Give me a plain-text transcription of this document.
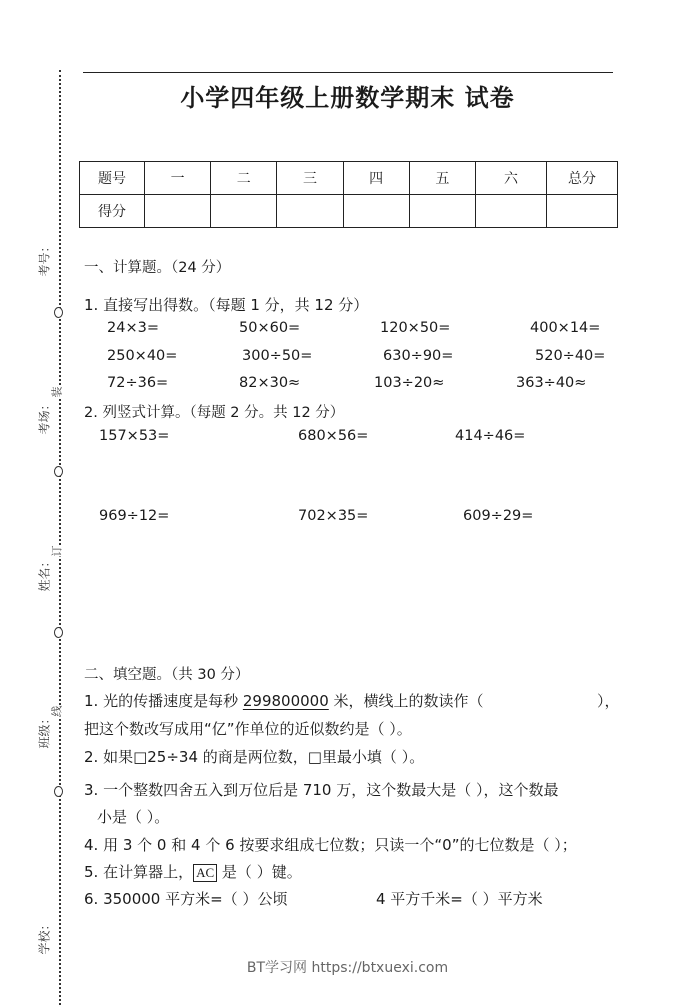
装
订
线
考号：
考场：
姓名：
班级：
学校：
小学四年级上册数学期末 试卷
题号	一	二	三	四	五	六	总分
得分							
一、计算题。（24 分）
1. 直接写出得数。（每题 1 分，共 12 分）
24×3=	50×60=	120×50=	400×14=
250×40=	300÷50=	630÷90=	520÷40=
72÷36=	82×30≈	103÷20≈	363÷40≈
2. 列竖式计算。（每题 2 分。共 12 分）
157×53=	680×56=	414÷46=
969÷12=	702×35=	609÷29=
二、填空题。（共 30 分）
1. 光的传播速度是每秒 299800000 米，横线上的数读作（	），
把这个数改写成用“亿”作单位的近似数约是（ ）。
2. 如果□25÷34 的商是两位数，□里最小填（ ）。
3. 一个整数四舍五入到万位后是 710 万，这个数最大是（ ），这个数最
小是（ ）。
4. 用 3 个 0 和 4 个 6 按要求组成七位数；只读一个“0”的七位数是（ ）；
5. 在计算器上， AC 是（ ）键。
6. 350000 平方米=（ ）公顷	4 平方千米=（ ）平方米
BT学习网 https://btxuexi.com
